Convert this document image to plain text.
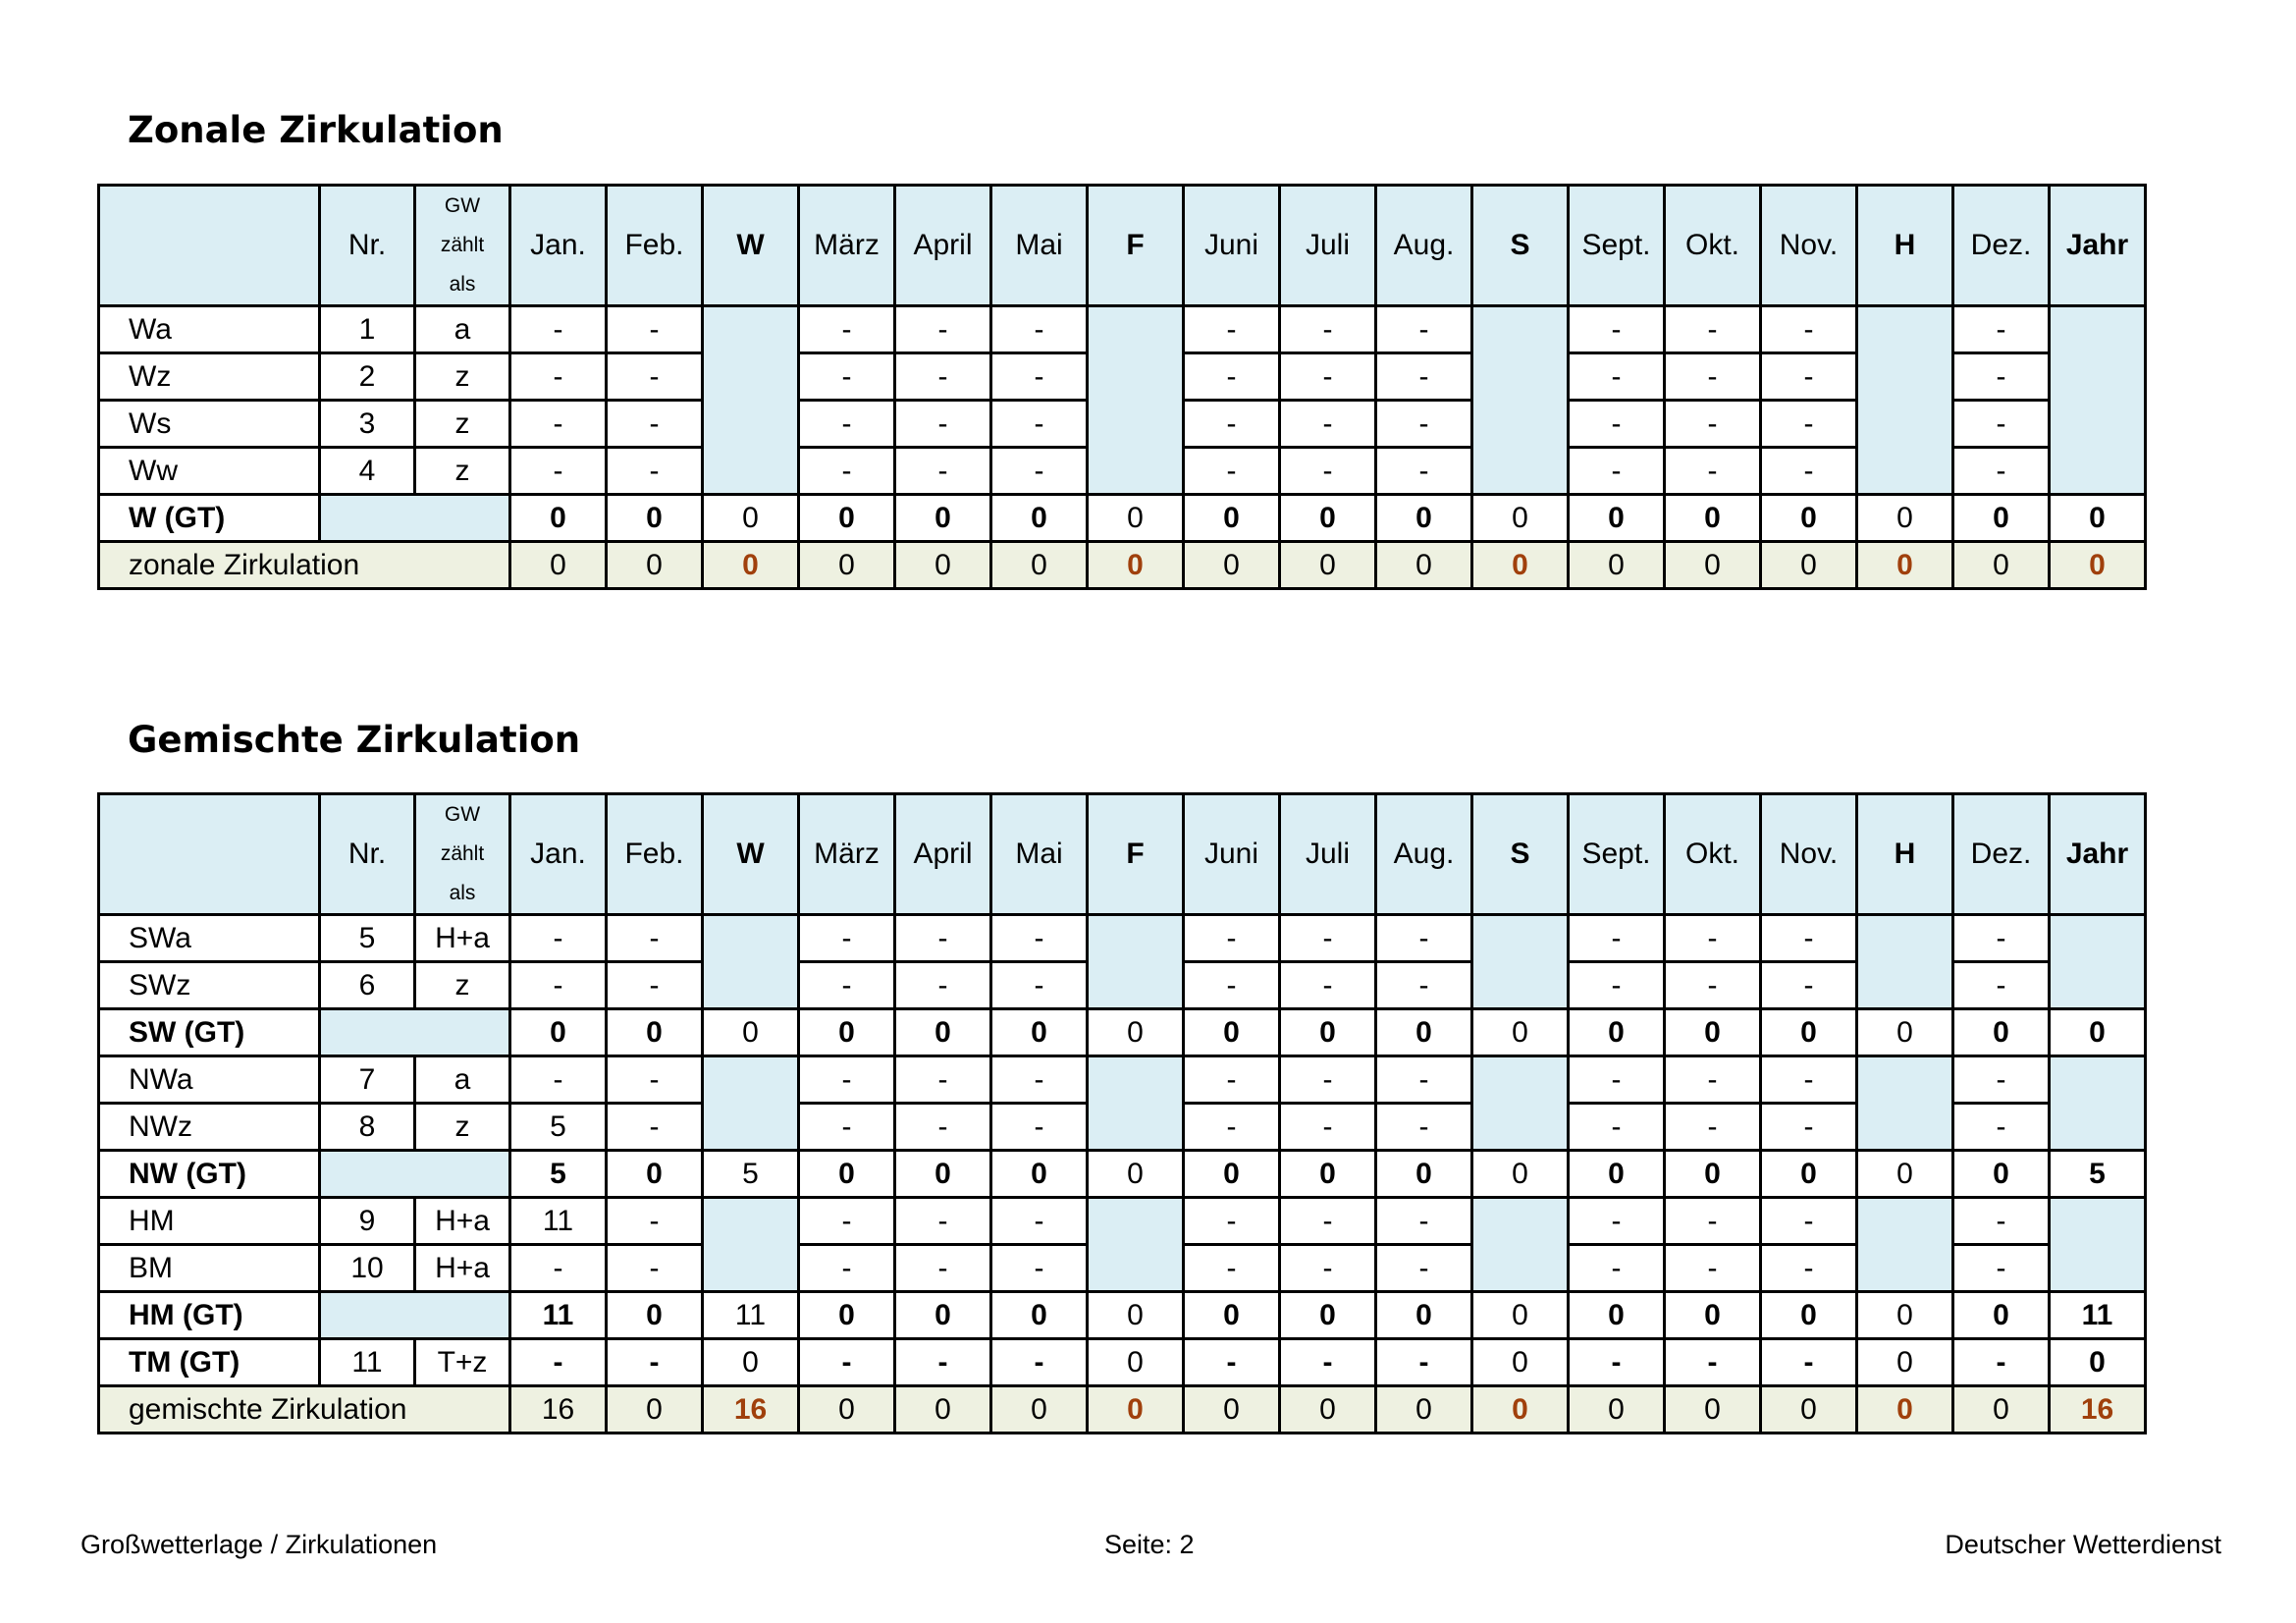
Zonale Zirkulation
	Nr.	GW
zählt
als	Jan.	Feb.	W	März	April	Mai	F	Juni	Juli	Aug.	S	Sept.	Okt.	Nov.	H	Dez.	Jahr
Wa	1	a	-	-		-	-	-		-	-	-		-	-	-		-	
Wz	2	z	-	-		-	-	-		-	-	-		-	-	-		-	
Ws	3	z	-	-		-	-	-		-	-	-		-	-	-		-	
Ww	4	z	-	-		-	-	-		-	-	-		-	-	-		-	
W (GT)			0	0	0	0	0	0	0	0	0	0	0	0	0	0	0	0	0
zonale Zirkulation			0	0	0	0	0	0	0	0	0	0	0	0	0	0	0	0	0
Gemischte Zirkulation
	Nr.	GW
zählt
als	Jan.	Feb.	W	März	April	Mai	F	Juni	Juli	Aug.	S	Sept.	Okt.	Nov.	H	Dez.	Jahr
SWa	5	H+a	-	-		-	-	-		-	-	-		-	-	-		-	
SWz	6	z	-	-		-	-	-		-	-	-		-	-	-		-	
SW (GT)			0	0	0	0	0	0	0	0	0	0	0	0	0	0	0	0	0
NWa	7	a	-	-		-	-	-		-	-	-		-	-	-		-	
NWz	8	z	5	-		-	-	-		-	-	-		-	-	-		-	
NW (GT)			5	0	5	0	0	0	0	0	0	0	0	0	0	0	0	0	5
HM	9	H+a	11	-		-	-	-		-	-	-		-	-	-		-	
BM	10	H+a	-	-		-	-	-		-	-	-		-	-	-		-	
HM (GT)			11	0	11	0	0	0	0	0	0	0	0	0	0	0	0	0	11
TM (GT)	11	T+z	-	-	0	-	-	-	0	-	-	-	0	-	-	-	0	-	0
gemischte Zirkulation			16	0	16	0	0	0	0	0	0	0	0	0	0	0	0	0	16
Großwetterlage / Zirkulationen	Seite: 2	Deutscher Wetterdienst
